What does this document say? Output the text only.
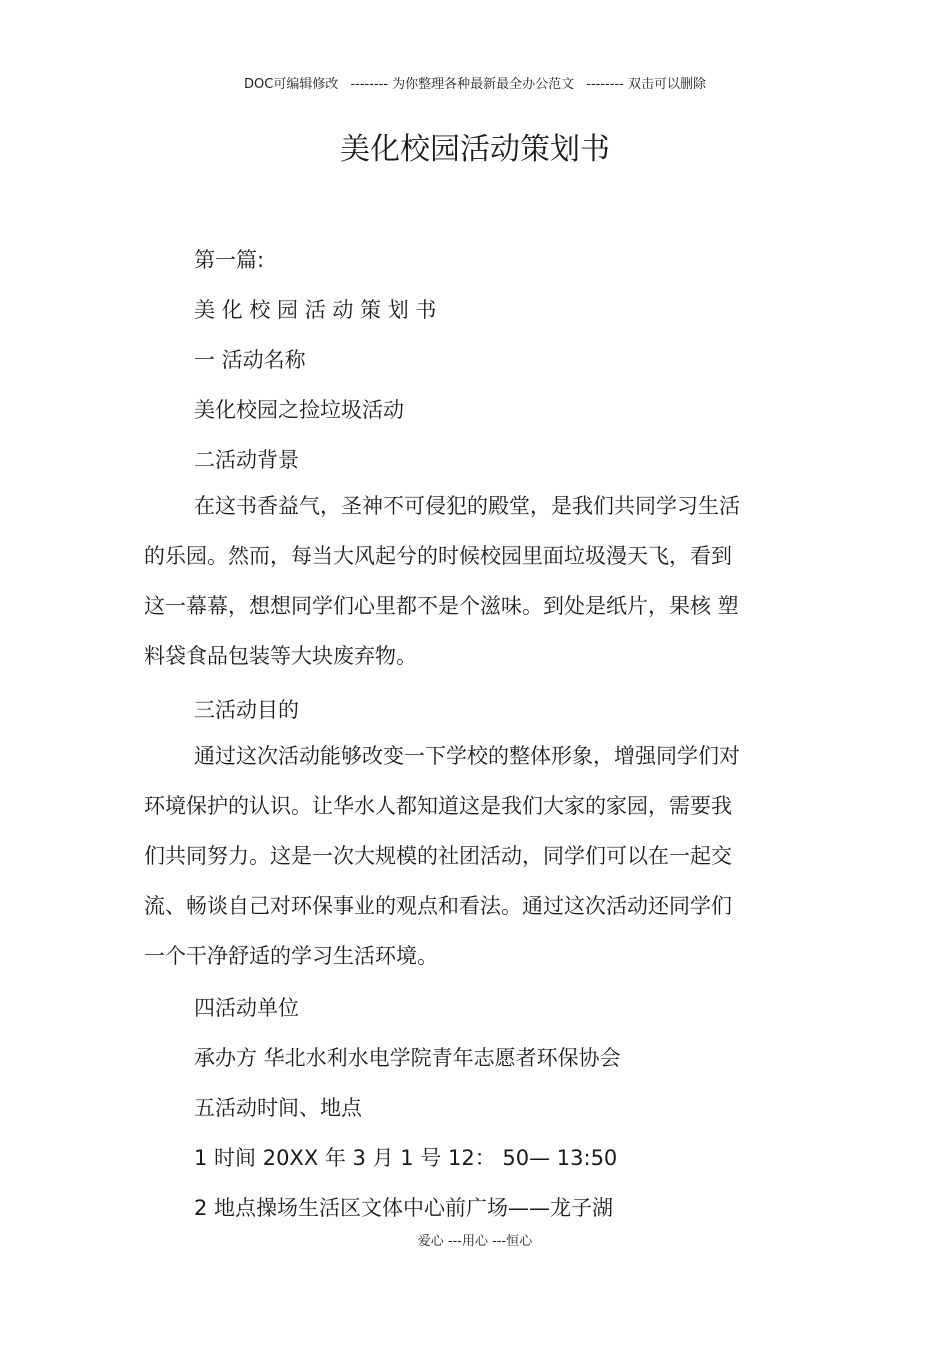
DOC可编辑修改 -------- 为你整理各种最新最全办公范文 -------- 双击可以删除
美化校园活动策划书
第一篇:
美 化 校 园 活 动 策 划 书
一 活动名称
美化校园之捡垃圾活动
二活动背景
在这书香益气，圣神不可侵犯的殿堂，是我们共同学习生活的乐园。然而，每当大风起兮的时候校园里面垃圾漫天飞，看到这一幕幕，想想同学们心里都不是个滋味。到处是纸片，果核 塑料袋食品包装等大块废弃物。
三活动目的
通过这次活动能够改变一下学校的整体形象，增强同学们对环境保护的认识。让华水人都知道这是我们大家的家园，需要我们共同努力。这是一次大规模的社团活动，同学们可以在一起交流、畅谈自己对环保事业的观点和看法。通过这次活动还同学们一个干净舒适的学习生活环境。
四活动单位
承办方 华北水利水电学院青年志愿者环保协会
五活动时间、地点
1 时间 20XX 年 3 月 1 号 12： 50— 13:50
2 地点操场生活区文体中心前广场——龙子湖
爱心 ---用心 ---恒心
